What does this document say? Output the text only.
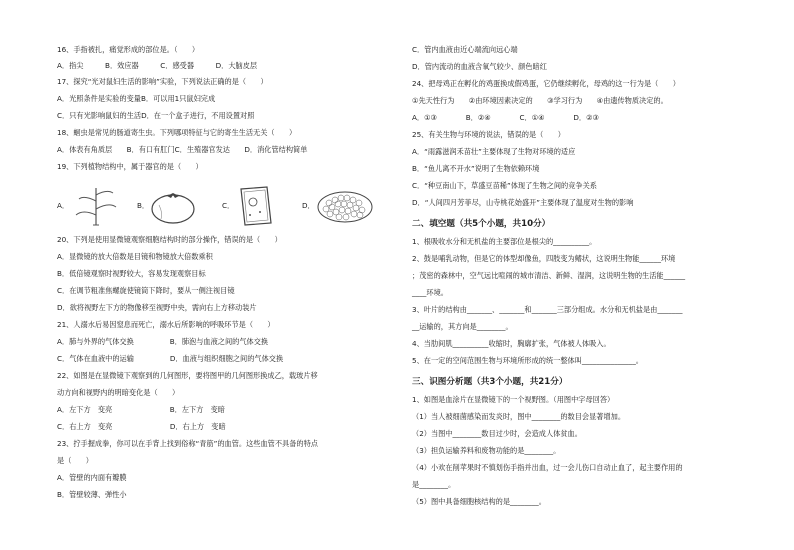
16、手指被扎，痛觉形成的部位是。（　　）
A．指尖　　　B．效应器　　　C．感受器　　　D．大脑皮层
17、探究“光对鼠妇生活的影响”实验，下列说法正确的是（　　）
A．光照条件是实验的变量B．可以用1只鼠妇完成
C．只有光影响鼠妇的生活D．在一个盒子进行，不用设置对照
18、蛔虫是常见的肠道寄生虫。下列哪项特征与它的寄生生活无关（　　）
A．体表有角质层　　B．有口有肛门C．生殖器官发达　　D．消化管结构简单
19、下列植物结构中，属于器官的是（　　）
A．	B．	C．	D．
20、下列是使用显微镜观察细胞结构时的部分操作，错误的是（　　）
A．显微镜的放大倍数是目镜和物镜放大倍数乘积
B．低倍镜观察时视野较大，容易发现观察目标
C．在调节粗准焦螺旋使镜筒下降时，要从一侧注视目镜
D．欲将视野左下方的物像移至视野中央，需向右上方移动装片
21、人溺水后易因窒息而死亡，溺水后所影响的呼吸环节是（　　）
A．肺与外界的气体交换　　　　　B．肺泡与血液之间的气体交换
C．气体在血液中的运输　　　　　D．血液与组织细胞之间的气体交换
22、如图是在显微镜下观察到的几何图形，要将图甲的几何图形换成乙，载玻片移
动方向和视野内的明暗变化是（　　）
A．左下方　变亮　　　　　　　　B．左下方　变暗
C．右上方　变亮　　　　　　　　D．右上方　变暗
23、拧手握成拳，你可以在手背上找到俗称“青筋”的血管。这些血管不具备的特点
是（　　）
A．管壁的内面有瓣膜
B．管壁较薄、弹性小
C．管内血液由近心端流向远心端
D．管内流动的血液含氧气较少、颜色暗红
24、把母鸡正在孵化的鸡蛋换成假鸡蛋，它仍继续孵化，母鸡的这一行为是（　　）
①先天性行为　　②由环境因素决定的　　③学习行为　　④由遗传物质决定的。
A．①③　　　　B．②④　　　　C．①④　　　　D．②③
25、有关生物与环境的说法，错误的是（　　）
A．“雨露滋润禾苗壮”主要体现了生物对环境的适应
B．“鱼儿离不开水”说明了生物依赖环境
C．“种豆南山下，草盛豆苗稀”体现了生物之间的竞争关系
D．“人间四月芳菲尽，山寺桃花始盛开”主要体现了温度对生物的影响
二、填空题（共5个小题，共10分）
1、根吸收水分和无机盐的主要部位是根尖的__________。
2、鼓是哺乳动物，但是它的体型却像鱼，四肢变为鳍状，这说明生物能______环境
；茂密的森林中，空气远比喧闹的城市清洁、新鲜、湿润，这说明生物的生活能______
____环境。
3、叶片的结构由_______、_______和_______三部分组成。水分和无机盐是由_______
__运输的，其方向是________。
4、当肋间肌__________收缩时，胸廓扩张，气体被人体吸入。
5、在一定的空间范围生物与环境所形成的统一整体叫_______________。
三、识图分析题（共3个小题，共21分）
1、如图是血涂片在显微镜下的一个视野图。（用图中字母回答）
（1）当人被细菌感染而发炎时，图中________的数目会显著增加。
（2）当图中________数目过少时，会造成人体贫血。
（3）担负运输养料和废物功能的是________。
（4）小欢在削苹果时不慎划伤手指并出血，过一会儿伤口自动止血了，起主要作用的
是________。
（5）图中具备细胞核结构的是________。
